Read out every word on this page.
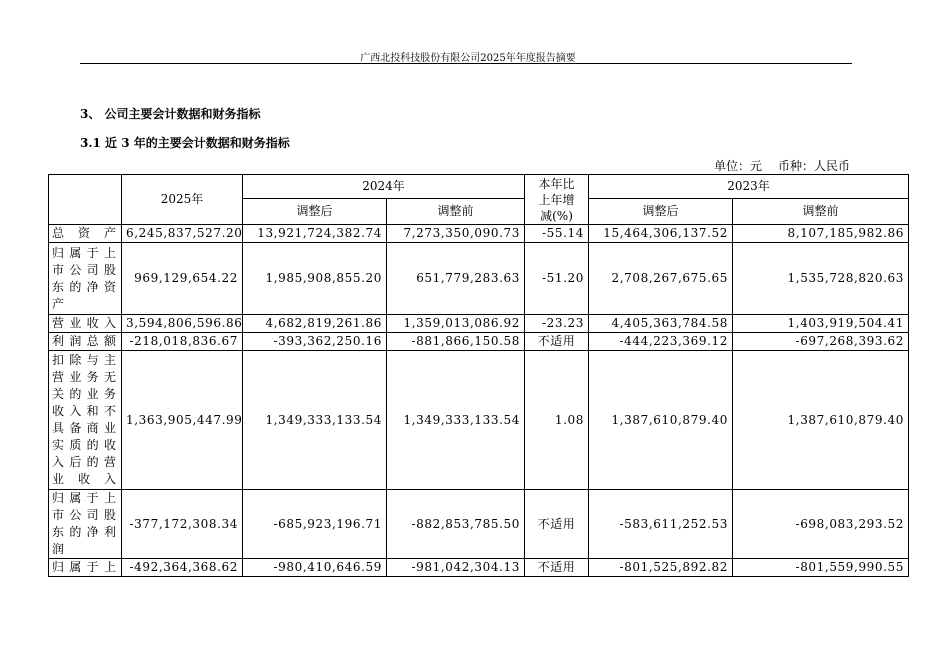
广西北投科技股份有限公司2025年年度报告摘要
3、 公司主要会计数据和财务指标
3.1 近 3 年的主要会计数据和财务指标
单位：元 币种：人民币
	2025年	2024年		本年比上年增减(%)	2023年	
		调整后	调整前		调整后	调整前
总资产	6,245,837,527.20	13,921,724,382.74	7,273,350,090.73	-55.14	15,464,306,137.52	8,107,185,982.86
归属于上市公司股东的净资产	969,129,654.22	1,985,908,855.20	651,779,283.63	-51.20	2,708,267,675.65	1,535,728,820.63
营业收入	3,594,806,596.86	4,682,819,261.86	1,359,013,086.92	-23.23	4,405,363,784.58	1,403,919,504.41
利润总额	-218,018,836.67	-393,362,250.16	-881,866,150.58	不适用	-444,223,369.12	-697,268,393.62
扣除与主营业务无关的业务收入和不具备商业实质的收入后的营业收入	1,363,905,447.99	1,349,333,133.54	1,349,333,133.54	1.08	1,387,610,879.40	1,387,610,879.40
归属于上市公司股东的净利润	-377,172,308.34	-685,923,196.71	-882,853,785.50	不适用	-583,611,252.53	-698,083,293.52
归属于上	-492,364,368.62	-980,410,646.59	-981,042,304.13	不适用	-801,525,892.82	-801,559,990.55
